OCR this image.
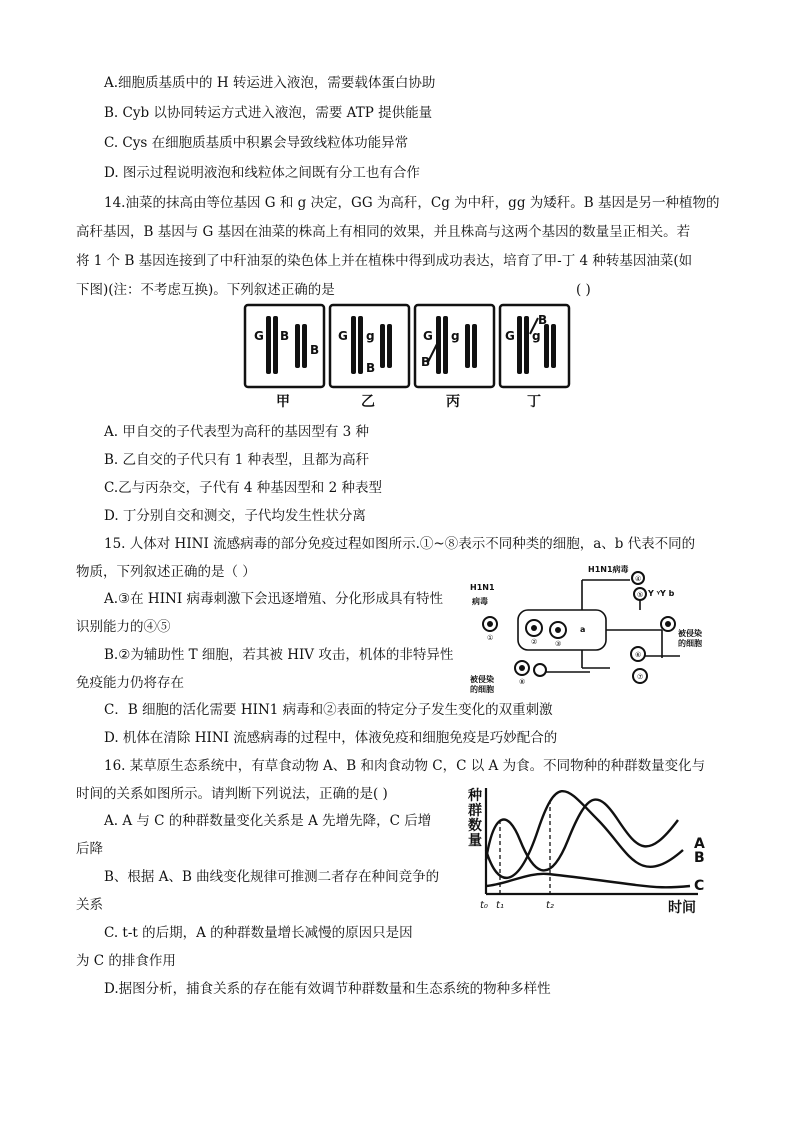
A.细胞质基质中的 H 转运进入液泡，需要载体蛋白协助
B. Cyb 以协同转运方式进入液泡，需要 ATP 提供能量
C. Cys 在细胞质基质中积累会导致线粒体功能异常
D. 图示过程说明液泡和线粒体之间既有分工也有合作
14.油菜的抹高由等位基因 G 和 g 决定，GG 为高秆，Cg 为中秆，gg 为矮秆。B 基因是另一种植物的
高秆基因，B 基因与 G 基因在油菜的株高上有相同的效果，并且株高与这两个基因的数量呈正相关。若
将 1 个 B 基因连接到了中秆油泵的染色体上并在植株中得到成功表达，培育了甲-丁 4 种转基因油菜(如
下图)(注：不考虑互换)。下列叙述正确的是	( )
G B
B
G g
B
G g
B
G g
B
甲	乙	丙	丁
A. 甲自交的子代表型为高秆的基因型有 3 种
B. 乙自交的子代只有 1 种表型，且都为高秆
C.乙与丙杂交，子代有 4 种基因型和 2 种表型
D. 丁分别自交和测交，子代均发生性状分离
15. 人体对 HINI 流感病毒的部分免疫过程如图所示.①~⑧表示不同种类的细胞，a、b 代表不同的
物质，下列叙述正确的是（ ）
A.③在 HINI 病毒刺激下会迅逐增殖、分化形成具有特性
识别能力的④⑤
B.②为辅助性 T 细胞，若其被 HIV 攻击，机体的非特异性
免疫能力仍将存在
C．B 细胞的活化需要 HIN1 病毒和②表面的特定分子发生变化的双重刺激
D. 机体在清除 HINI 流感病毒的过程中，体液免疫和细胞免疫是巧妙配合的
H1N1病毒
H1N1
病毒
a
Y ᵞY b
被侵染
的细胞
被侵染
的细胞
①	②	③
④
⑤
⑥
⑦
⑧
16. 某草原生态系统中，有草食动物 A、B 和肉食动物 C，C 以 A 为食。不同物种的种群数量变化与
时间的关系如图所示。请判断下列说法，正确的是( )
A. A 与 C 的种群数量变化关系是 A 先增先降，C 后增
后降
B、根据 A、B 曲线变化规律可推测二者存在种间竞争的
关系
C. t-t 的后期，A 的种群数量增长减慢的原因只是因
为 C 的排食作用
D.据图分析，捕食关系的存在能有效调节种群数量和生态系统的物种多样性
种群数量
时间
A
B
C
t₀ t₁	t₂
